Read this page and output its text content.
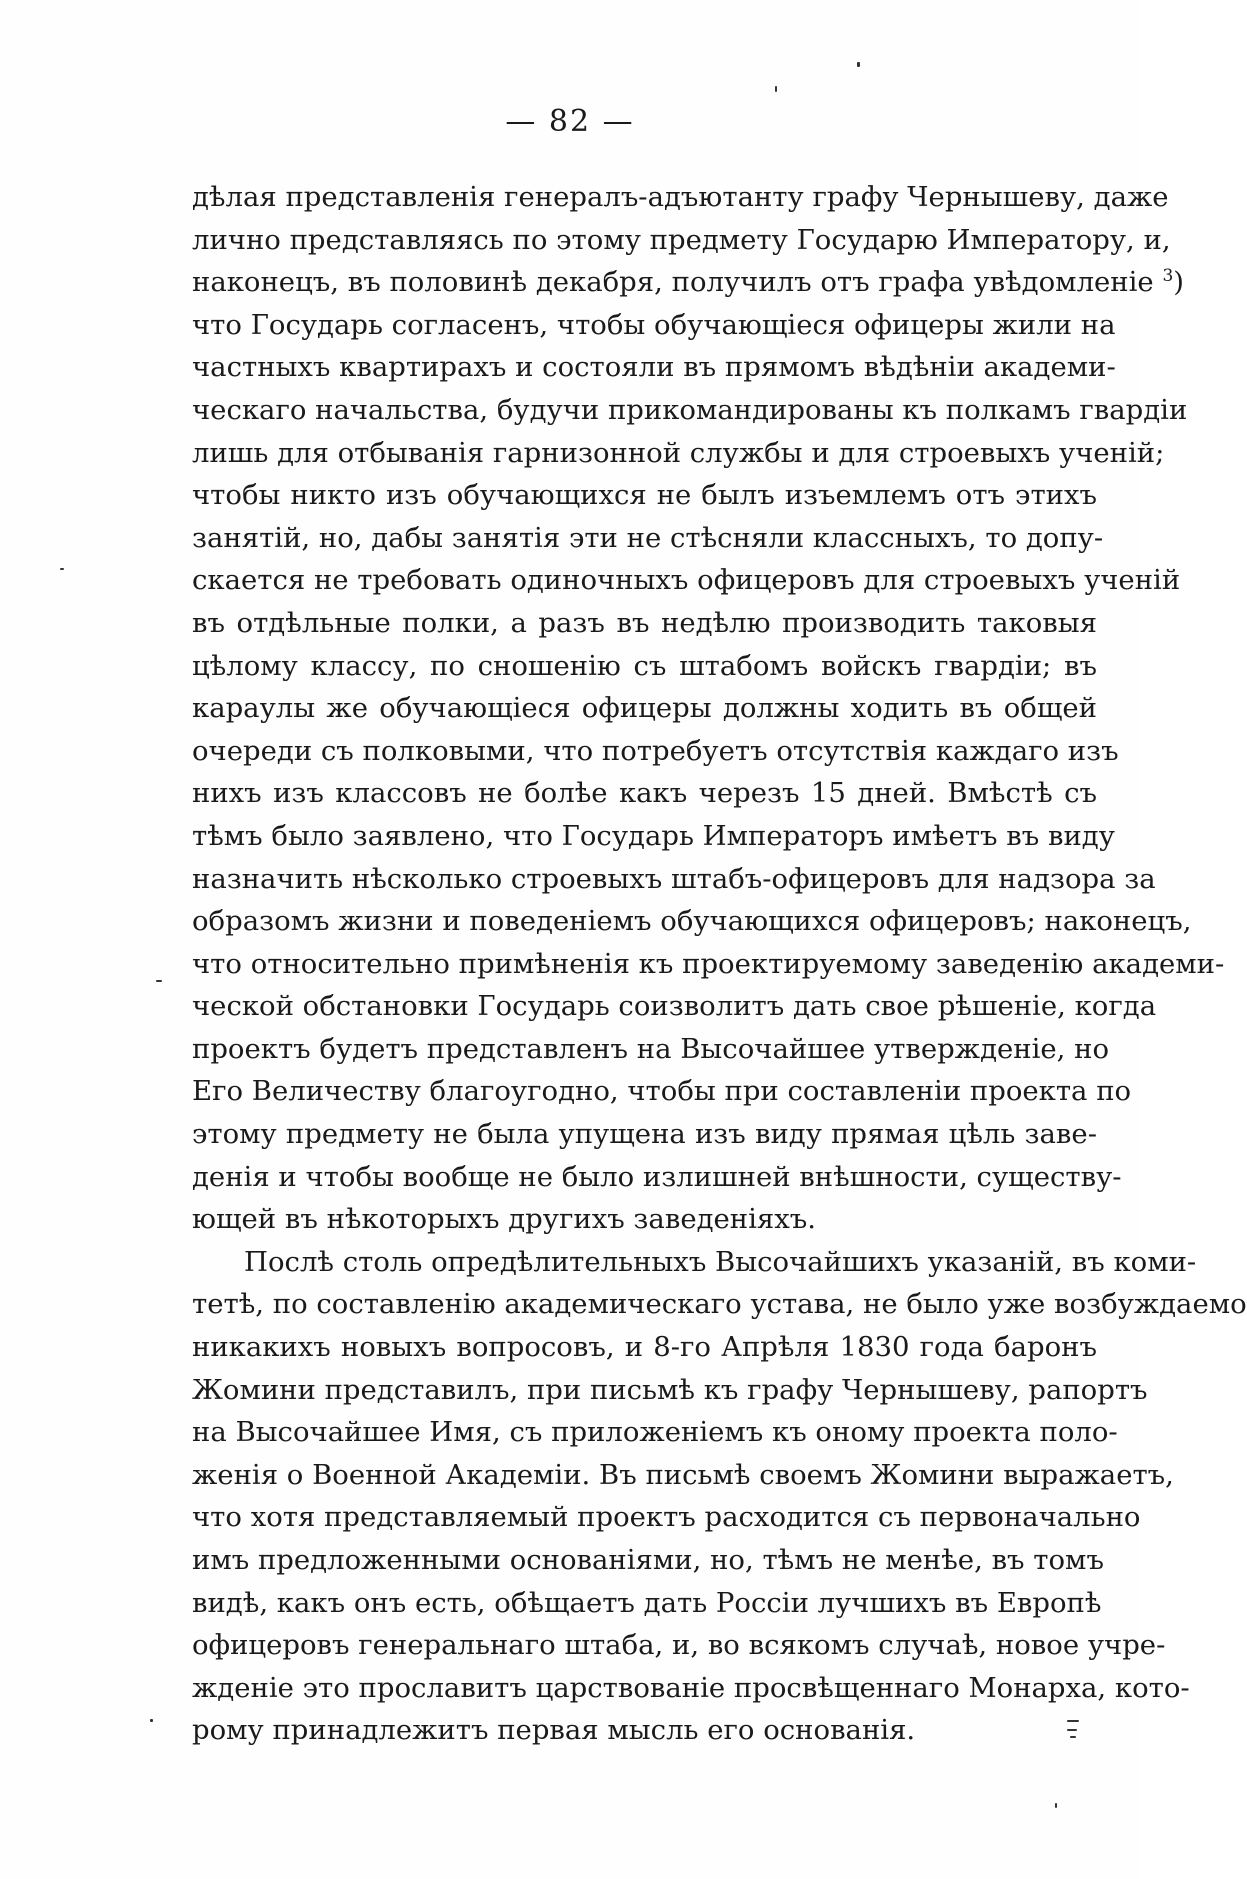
— 82 —
дѣлая представленія генералъ-адъютанту графу Чернышеву, даже
лично представляясь по этому предмету Государю Императору, и,
наконецъ, въ половинѣ декабря, получилъ отъ графа увѣдомленіе $^3$)
что Государь согласенъ, чтобы обучающіеся офицеры жили на
частныхъ квартирахъ и состояли въ прямомъ вѣдѣніи академи-
ческаго начальства, будучи прикомандированы къ полкамъ гвардіи
лишь для отбыванія гарнизонной службы и для строевыхъ ученій;
чтобы никто изъ обучающихся не былъ изъемлемъ отъ этихъ
занятій, но, дабы занятія эти не стѣсняли классныхъ, то допу-
скается не требовать одиночныхъ офицеровъ для строевыхъ ученій
въ отдѣльные полки, а разъ въ недѣлю производить таковыя
цѣлому классу, по сношенію съ штабомъ войскъ гвардіи; въ
караулы же обучающіеся офицеры должны ходить въ общей
очереди съ полковыми, что потребуетъ отсутствія каждаго изъ
нихъ изъ классовъ не болѣе какъ черезъ 15 дней. Вмѣстѣ съ
тѣмъ было заявлено, что Государь Императоръ имѣетъ въ виду
назначить нѣсколько строевыхъ штабъ-офицеровъ для надзора за
образомъ жизни и поведеніемъ обучающихся офицеровъ; наконецъ,
что относительно примѣненія къ проектируемому заведенію академи-
ческой обстановки Государь соизволитъ дать свое рѣшеніе, когда
проектъ будетъ представленъ на Высочайшее утвержденіе, но
Его Величеству благоугодно, чтобы при составленіи проекта по
этому предмету не была упущена изъ виду прямая цѣль заве-
денія и чтобы вообще не было излишней внѣшности, существу-
ющей въ нѣкоторыхъ другихъ заведеніяхъ.
Послѣ столь опредѣлительныхъ Высочайшихъ указаній, въ коми-
тетѣ, по составленію академическаго устава, не было уже возбуждаемо
никакихъ новыхъ вопросовъ, и 8-го Апрѣля 1830 года баронъ
Жомини представилъ, при письмѣ къ графу Чернышеву, рапортъ
на Высочайшее Имя, съ приложеніемъ къ оному проекта поло-
женія о Военной Академіи. Въ письмѣ своемъ Жомини выражаетъ,
что хотя представляемый проектъ расходится съ первоначально
имъ предложенными основаніями, но, тѣмъ не менѣе, въ томъ
видѣ, какъ онъ есть, обѣщаетъ дать Россіи лучшихъ въ Европѣ
офицеровъ генеральнаго штаба, и, во всякомъ случаѣ, новое учре-
жденіе это прославитъ царствованіе просвѣщеннаго Монарха, кото-
рому принадлежитъ первая мысль его основанія.
